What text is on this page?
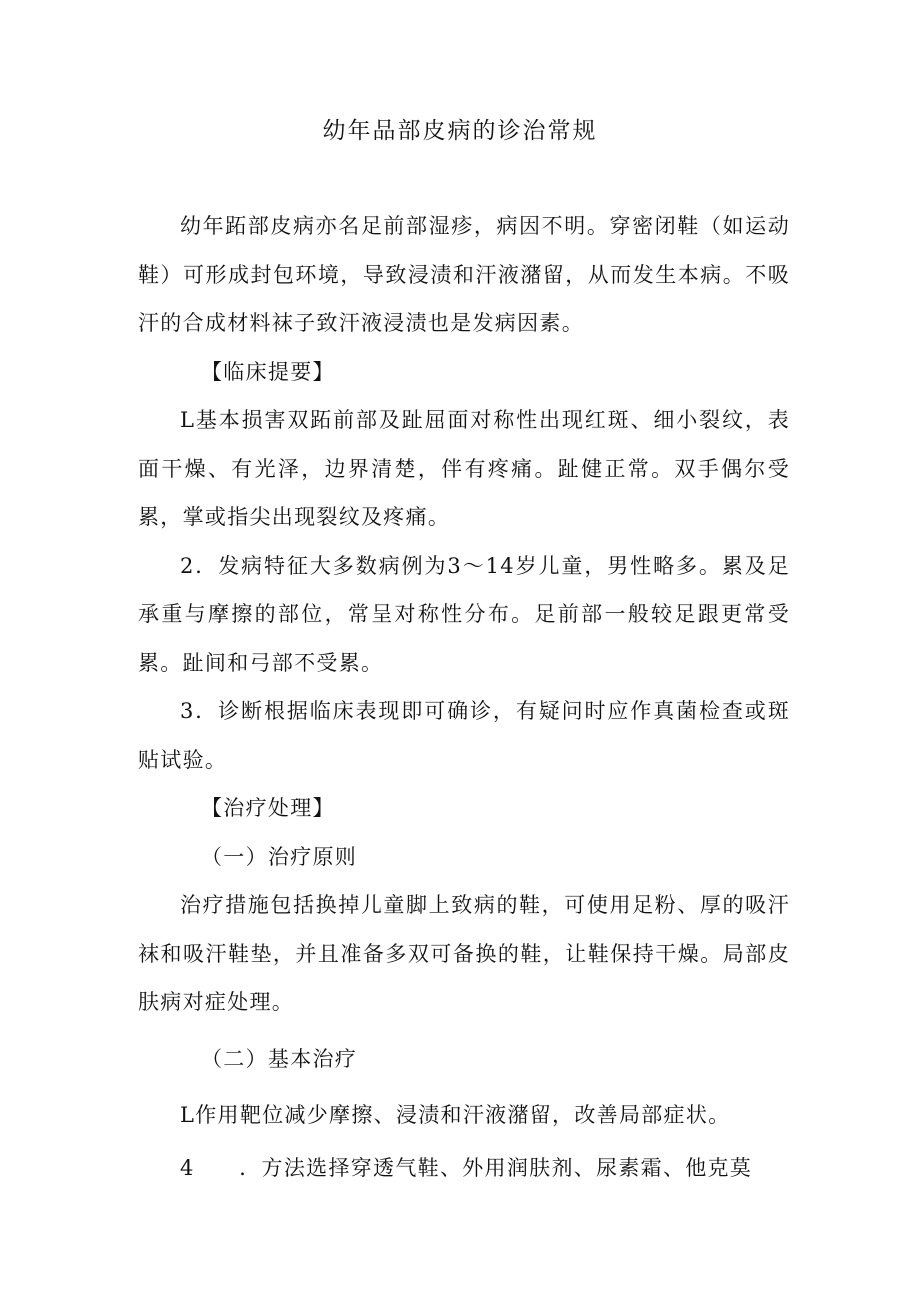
幼年品部皮病的诊治常规

幼年跖部皮病亦名足前部湿疹，病因不明。穿密闭鞋（如运动鞋）可形成封包环境，导致浸渍和汗液潴留，从而发生本病。不吸汗的合成材料袜子致汗液浸渍也是发病因素。

【临床提要】

L基本损害双跖前部及趾屈面对称性出现红斑、细小裂纹，表面干燥、有光泽，边界清楚，伴有疼痛。趾健正常。双手偶尔受累，掌或指尖出现裂纹及疼痛。

2．发病特征大多数病例为3～14岁儿童，男性略多。累及足承重与摩擦的部位，常呈对称性分布。足前部一般较足跟更常受累。趾间和弓部不受累。

3．诊断根据临床表现即可确诊，有疑问时应作真菌检查或斑贴试验。

【治疗处理】

（一）治疗原则

治疗措施包括换掉儿童脚上致病的鞋，可使用足粉、厚的吸汗袜和吸汗鞋垫，并且准备多双可备换的鞋，让鞋保持干燥。局部皮肤病对症处理。

（二）基本治疗

L作用靶位减少摩擦、浸渍和汗液潴留，改善局部症状。

4　　．方法选择穿透气鞋、外用润肤剂、尿素霜、他克莫
